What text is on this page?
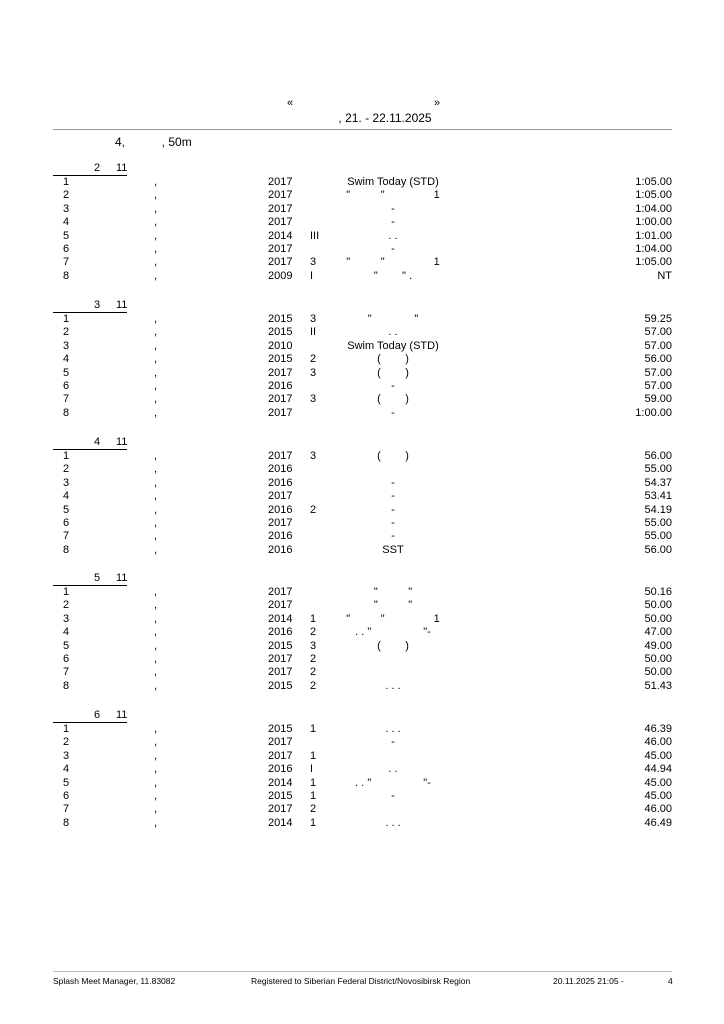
«	»
, 21. - 22.11.2025
4,           , 50m
2 11
1	,	2017	Swim Today (STD)	1:05.00
2	,	2017	"          "                1	1:05.00
3	,	2017	-	1:04.00
4	,	2017	-	1:00.00
5	,	2014 III	. .	1:01.00
6	,	2017	-	1:04.00
7	,	2017 3	"          "                1	1:05.00
8	,	2009 I	"        " .	NT
3 11
1	,	2015 3	"              "	59.25
2	,	2015 II	. .	57.00
3	,	2010	Swim Today (STD)	57.00
4	,	2015 2	(        )	56.00
5	,	2017 3	(        )	57.00
6	,	2016	-	57.00
7	,	2017 3	(        )	59.00
8	,	2017	-	1:00.00
4 11
1	,	2017 3	(        )	56.00
2	,	2016	55.00
3	,	2016	-	54.37
4	,	2017	-	53.41
5	,	2016 2	-	54.19
6	,	2017	-	55.00
7	,	2016	-	55.00
8	,	2016	SST	56.00
5 11
1	,	2017	"          "	50.16
2	,	2017	"          "	50.00
3	,	2014 1	"          "                1	50.00
4	,	2016 2	. . "                 "-	47.00
5	,	2015 3	(        )	49.00
6	,	2017 2	50.00
7	,	2017 2	50.00
8	,	2015 2	. . .	51.43
6 11
1	,	2015 1	. . .	46.39
2	,	2017	-	46.00
3	,	2017 1	45.00
4	,	2016 I	. .	44.94
5	,	2014 1	. . "                 "-	45.00
6	,	2015 1	-	45.00
7	,	2017 2	46.00
8	,	2014 1	. . .	46.49
Splash Meet Manager, 11.83082	Registered to Siberian Federal District/Novosibirsk Region	20.11.2025 21:05 -	4
